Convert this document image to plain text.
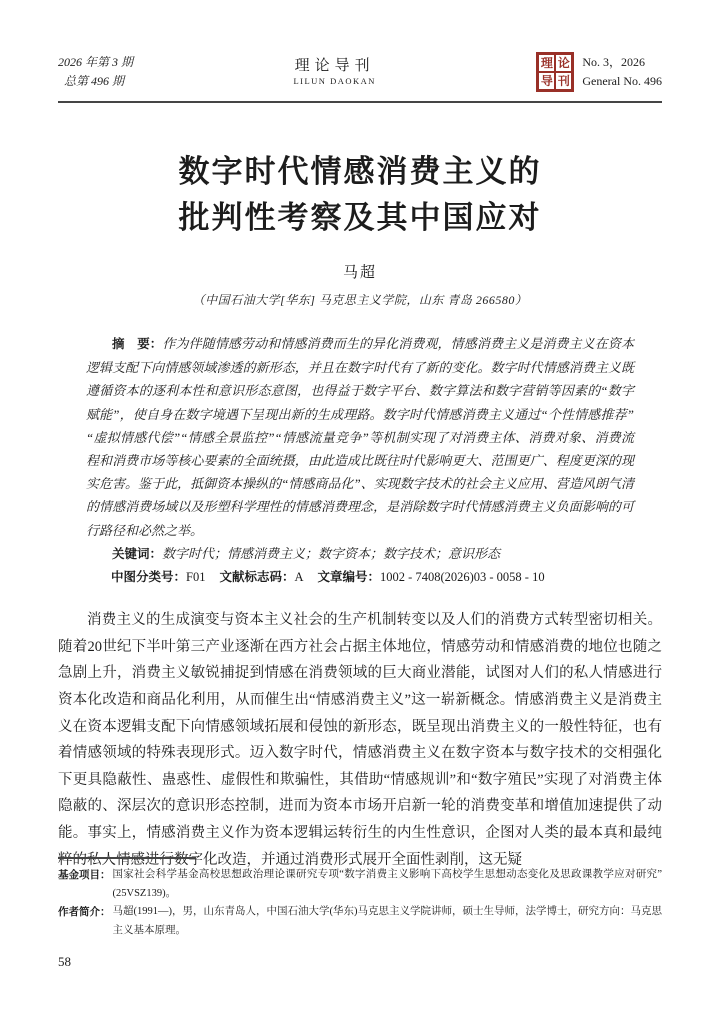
2026 年第 3 期
总第 496 期
理论导刊
LILUN DAOKAN
理 论
导 刊
No. 3，2026
General No. 496
数字时代情感消费主义的
批判性考察及其中国应对
马超
（中国石油大学[华东] 马克思主义学院，山东 青岛 266580）

摘　要：作为伴随情感劳动和情感消费而生的异化消费观，情感消费主义是消费主义在资本逻辑支配下向情感领域渗透的新形态，并且在数字时代有了新的变化。数字时代情感消费主义既遵循资本的逐利本性和意识形态意图，也得益于数字平台、数字算法和数字营销等因素的“数字赋能”，使自身在数字境遇下呈现出新的生成理路。数字时代情感消费主义通过“个性情感推荐”“虚拟情感代偿”“情感全景监控”“情感流量竞争”等机制实现了对消费主体、消费对象、消费流程和消费市场等核心要素的全面统摄，由此造成比既往时代影响更大、范围更广、程度更深的现实危害。鉴于此，抵御资本操纵的“情感商品化”、实现数字技术的社会主义应用、营造风朗气清的情感消费场域以及形塑科学理性的情感消费理念，是消除数字时代情感消费主义负面影响的可行路径和必然之举。

关键词：数字时代；情感消费主义；数字资本；数字技术；意识形态

中图分类号：F01 文献标志码：A 文章编号：1002 - 7408(2026)03 - 0058 - 10

消费主义的生成演变与资本主义社会的生产机制转变以及人们的消费方式转型密切相关。随着20世纪下半叶第三产业逐渐在西方社会占据主体地位，情感劳动和情感消费的地位也随之急剧上升，消费主义敏锐捕捉到情感在消费领域的巨大商业潜能，试图对人们的私人情感进行资本化改造和商品化利用，从而催生出“情感消费主义”这一崭新概念。情感消费主义是消费主义在资本逻辑支配下向情感领域拓展和侵蚀的新形态，既呈现出消费主义的一般性特征，也有着情感领域的特殊表现形式。迈入数字时代，情感消费主义在数字资本与数字技术的交相强化下更具隐蔽性、蛊惑性、虚假性和欺骗性，其借助“情感规训”和“数字殖民”实现了对消费主体隐蔽的、深层次的意识形态控制，进而为资本市场开启新一轮的消费变革和增值加速提供了动能。事实上，情感消费主义作为资本逻辑运转衍生的内生性意识，企图对人类的最本真和最纯粹的私人情感进行数字化改造，并通过消费形式展开全面性剥削，这无疑

基金项目： 国家社会科学基金高校思想政治理论课研究专项“数字消费主义影响下高校学生思想动态变化及思政课教学应对研究”(25VSZ139)。
作者简介： 马超(1991—)，男，山东青岛人，中国石油大学(华东)马克思主义学院讲师，硕士生导师，法学博士，研究方向：马克思主义基本原理。
58
